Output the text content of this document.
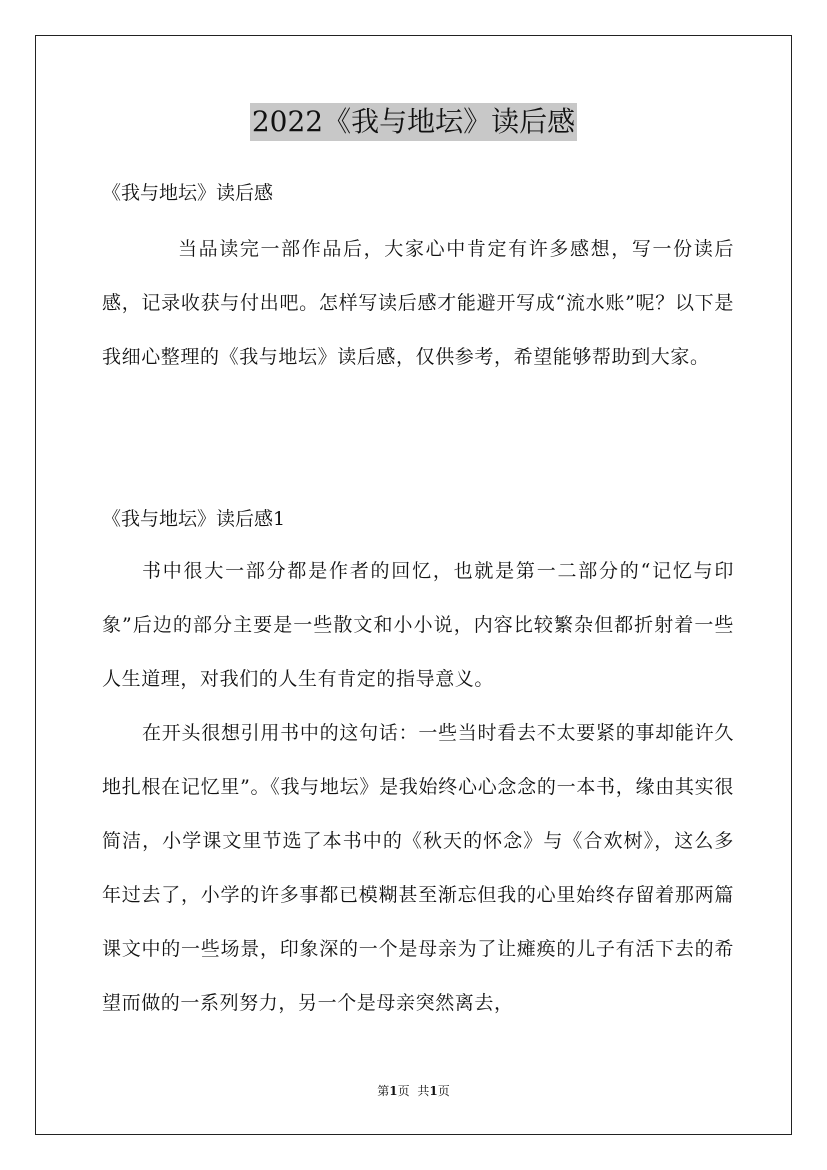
2022《我与地坛》读后感

《我与地坛》读后感

当品读完一部作品后，大家心中肯定有许多感想，写一份读后感，记录收获与付出吧。怎样写读后感才能避开写成“流水账”呢？以下是我细心整理的《我与地坛》读后感，仅供参考，希望能够帮助到大家。

《我与地坛》读后感1

书中很大一部分都是作者的回忆，也就是第一二部分的“记忆与印象”后边的部分主要是一些散文和小小说，内容比较繁杂但都折射着一些人生道理，对我们的人生有肯定的指导意义。

在开头很想引用书中的这句话：一些当时看去不太要紧的事却能许久地扎根在记忆里”。《我与地坛》是我始终心心念念的一本书，缘由其实很简洁，小学课文里节选了本书中的《秋天的怀念》与《合欢树》，这么多年过去了，小学的许多事都已模糊甚至渐忘但我的心里始终存留着那两篇课文中的一些场景，印象深的一个是母亲为了让瘫痪的儿子有活下去的希望而做的一系列努力，另一个是母亲突然离去，

第1页 共1页
